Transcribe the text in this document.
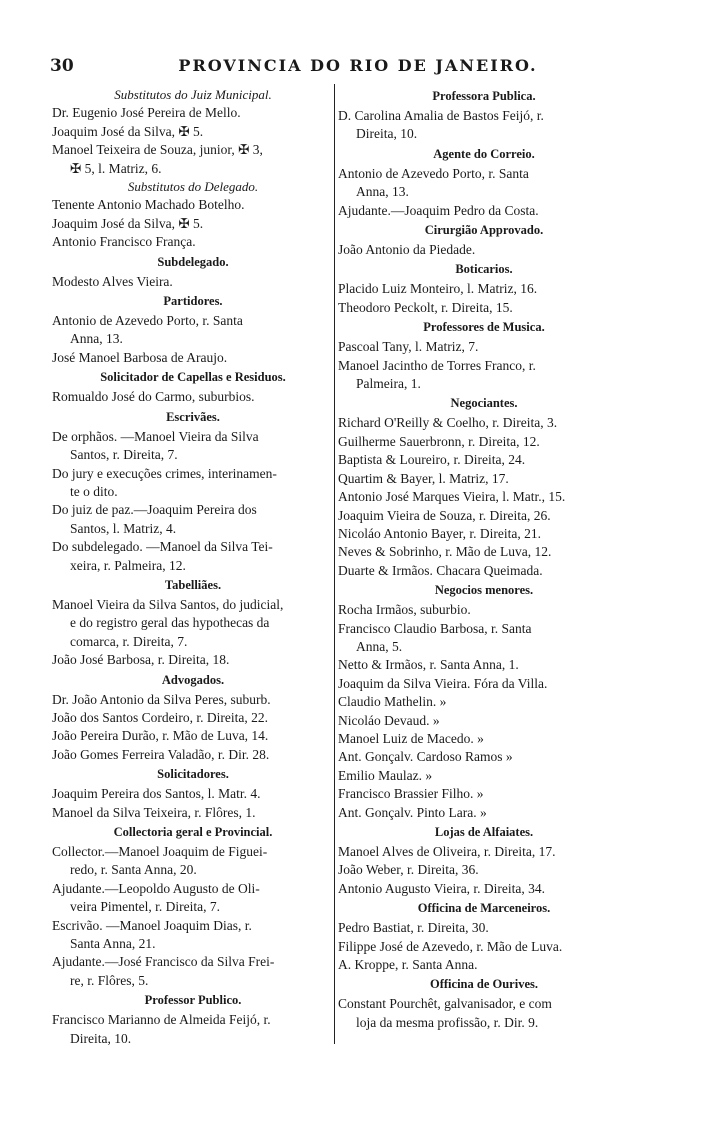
30	PROVINCIA DO RIO DE JANEIRO.
Substitutos do Juiz Municipal.
Dr. Eugenio José Pereira de Mello.
Joaquim José da Silva, ✠ 5.
Manoel Teixeira de Souza, junior, ✠ 3,
✠ 5, l. Matriz, 6.
Substitutos do Delegado.
Tenente Antonio Machado Botelho.
Joaquim José da Silva, ✠ 5.
Antonio Francisco França.
Subdelegado.
Modesto Alves Vieira.
Partidores.
Antonio de Azevedo Porto, r. Santa
Anna, 13.
José Manoel Barbosa de Araujo.
Solicitador de Capellas e Residuos.
Romualdo José do Carmo, suburbios.
Escrivães.
De orphãos. —Manoel Vieira da Silva
Santos, r. Direita, 7.
Do jury e execuções crimes, interinamen-
te o dito.
Do juiz de paz.—Joaquim Pereira dos
Santos, l. Matriz, 4.
Do subdelegado. —Manoel da Silva Tei-
xeira, r. Palmeira, 12.
Tabelliães.
Manoel Vieira da Silva Santos, do judicial,
e do registro geral das hypothecas da
comarca, r. Direita, 7.
João José Barbosa, r. Direita, 18.
Advogados.
Dr. João Antonio da Silva Peres, suburb.
João dos Santos Cordeiro, r. Direita, 22.
João Pereira Durão, r. Mão de Luva, 14.
João Gomes Ferreira Valadão, r. Dir. 28.
Solicitadores.
Joaquim Pereira dos Santos, l. Matr. 4.
Manoel da Silva Teixeira, r. Flôres, 1.
Collectoria geral e Provincial.
Collector.—Manoel Joaquim de Figuei-
redo, r. Santa Anna, 20.
Ajudante.—Leopoldo Augusto de Oli-
veira Pimentel, r. Direita, 7.
Escrivão. —Manoel Joaquim Dias, r.
Santa Anna, 21.
Ajudante.—José Francisco da Silva Frei-
re, r. Flôres, 5.
Professor Publico.
Francisco Marianno de Almeida Feijó, r.
Direita, 10.
Professora Publica.
D. Carolina Amalia de Bastos Feijó, r.
Direita, 10.
Agente do Correio.
Antonio de Azevedo Porto, r. Santa
Anna, 13.
Ajudante.—Joaquim Pedro da Costa.
Cirurgião Approvado.
João Antonio da Piedade.
Boticarios.
Placido Luiz Monteiro, l. Matriz, 16.
Theodoro Peckolt, r. Direita, 15.
Professores de Musica.
Pascoal Tany, l. Matriz, 7.
Manoel Jacintho de Torres Franco, r.
Palmeira, 1.
Negociantes.
Richard O'Reilly & Coelho, r. Direita, 3.
Guilherme Sauerbronn, r. Direita, 12.
Baptista & Loureiro, r. Direita, 24.
Quartim & Bayer, l. Matriz, 17.
Antonio José Marques Vieira, l. Matr., 15.
Joaquim Vieira de Souza, r. Direita, 26.
Nicoláo Antonio Bayer, r. Direita, 21.
Neves & Sobrinho, r. Mão de Luva, 12.
Duarte & Irmãos. Chacara Queimada.
Negocios menores.
Rocha Irmãos, suburbio.
Francisco Claudio Barbosa, r. Santa
Anna, 5.
Netto & Irmãos, r. Santa Anna, 1.
Joaquim da Silva Vieira. Fóra da Villa.
Claudio Mathelin. »
Nicoláo Devaud. »
Manoel Luiz de Macedo. »
Ant. Gonçalv. Cardoso Ramos »
Emilio Maulaz. »
Francisco Brassier Filho. »
Ant. Gonçalv. Pinto Lara. »
Lojas de Alfaiates.
Manoel Alves de Oliveira, r. Direita, 17.
João Weber, r. Direita, 36.
Antonio Augusto Vieira, r. Direita, 34.
Officina de Marceneiros.
Pedro Bastiat, r. Direita, 30.
Filippe José de Azevedo, r. Mão de Luva.
A. Kroppe, r. Santa Anna.
Officina de Ourives.
Constant Pourchêt, galvanisador, e com
loja da mesma profissão, r. Dir. 9.
